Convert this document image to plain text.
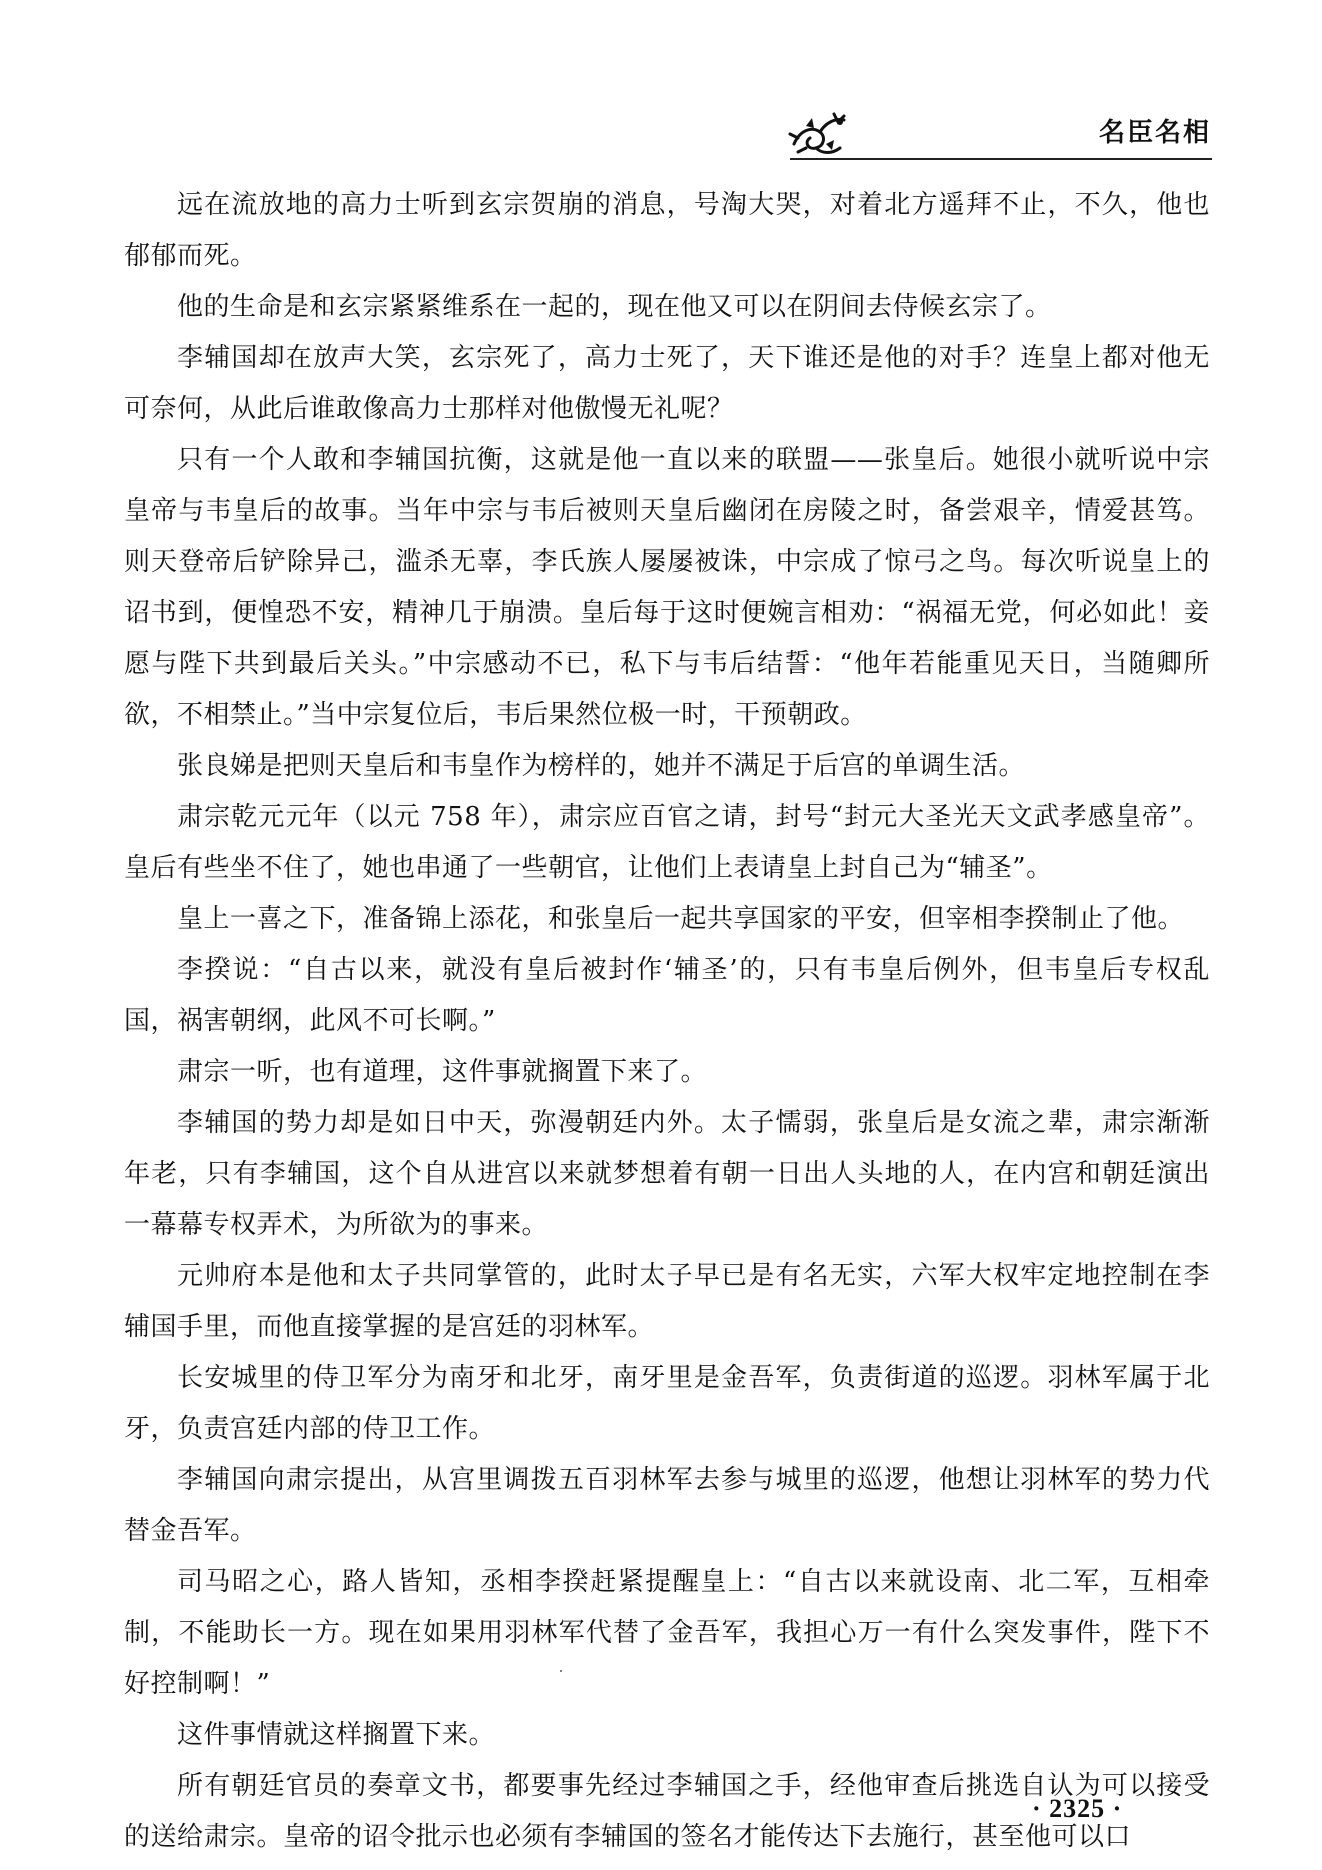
名臣名相

远在流放地的高力士听到玄宗贺崩的消息，号淘大哭，对着北方遥拜不止，不久，他也郁郁而死。

他的生命是和玄宗紧紧维系在一起的，现在他又可以在阴间去侍候玄宗了。

李辅国却在放声大笑，玄宗死了，高力士死了，天下谁还是他的对手？连皇上都对他无可奈何，从此后谁敢像高力士那样对他傲慢无礼呢？

只有一个人敢和李辅国抗衡，这就是他一直以来的联盟——张皇后。她很小就听说中宗皇帝与韦皇后的故事。当年中宗与韦后被则天皇后幽闭在房陵之时，备尝艰辛，情爱甚笃。则天登帝后铲除异己，滥杀无辜，李氏族人屡屡被诛，中宗成了惊弓之鸟。每次听说皇上的诏书到，便惶恐不安，精神几于崩溃。皇后每于这时便婉言相劝：“祸福无党，何必如此！妾愿与陛下共到最后关头。”中宗感动不已，私下与韦后结誓：“他年若能重见天日，当随卿所欲，不相禁止。”当中宗复位后，韦后果然位极一时，干预朝政。

张良娣是把则天皇后和韦皇作为榜样的，她并不满足于后宫的单调生活。

肃宗乾元元年（以元 758 年），肃宗应百官之请，封号“封元大圣光天文武孝感皇帝”。皇后有些坐不住了，她也串通了一些朝官，让他们上表请皇上封自己为“辅圣”。

皇上一喜之下，准备锦上添花，和张皇后一起共享国家的平安，但宰相李揆制止了他。

李揆说：“自古以来，就没有皇后被封作‘辅圣’的，只有韦皇后例外，但韦皇后专权乱国，祸害朝纲，此风不可长啊。”

肃宗一听，也有道理，这件事就搁置下来了。

李辅国的势力却是如日中天，弥漫朝廷内外。太子懦弱，张皇后是女流之辈，肃宗渐渐年老，只有李辅国，这个自从进宫以来就梦想着有朝一日出人头地的人，在内宫和朝廷演出一幕幕专权弄术，为所欲为的事来。

元帅府本是他和太子共同掌管的，此时太子早已是有名无实，六军大权牢定地控制在李辅国手里，而他直接掌握的是宫廷的羽林军。

长安城里的侍卫军分为南牙和北牙，南牙里是金吾军，负责街道的巡逻。羽林军属于北牙，负责宫廷内部的侍卫工作。

李辅国向肃宗提出，从宫里调拨五百羽林军去参与城里的巡逻，他想让羽林军的势力代替金吾军。

司马昭之心，路人皆知，丞相李揆赶紧提醒皇上：“自古以来就设南、北二军，互相牵制，不能助长一方。现在如果用羽林军代替了金吾军，我担心万一有什么突发事件，陛下不好控制啊！”

这件事情就这样搁置下来。

所有朝廷官员的奏章文书，都要事先经过李辅国之手，经他审查后挑选自认为可以接受的送给肃宗。皇帝的诏令批示也必须有李辅国的签名才能传达下去施行，甚至他可以口

· 2325 ·
